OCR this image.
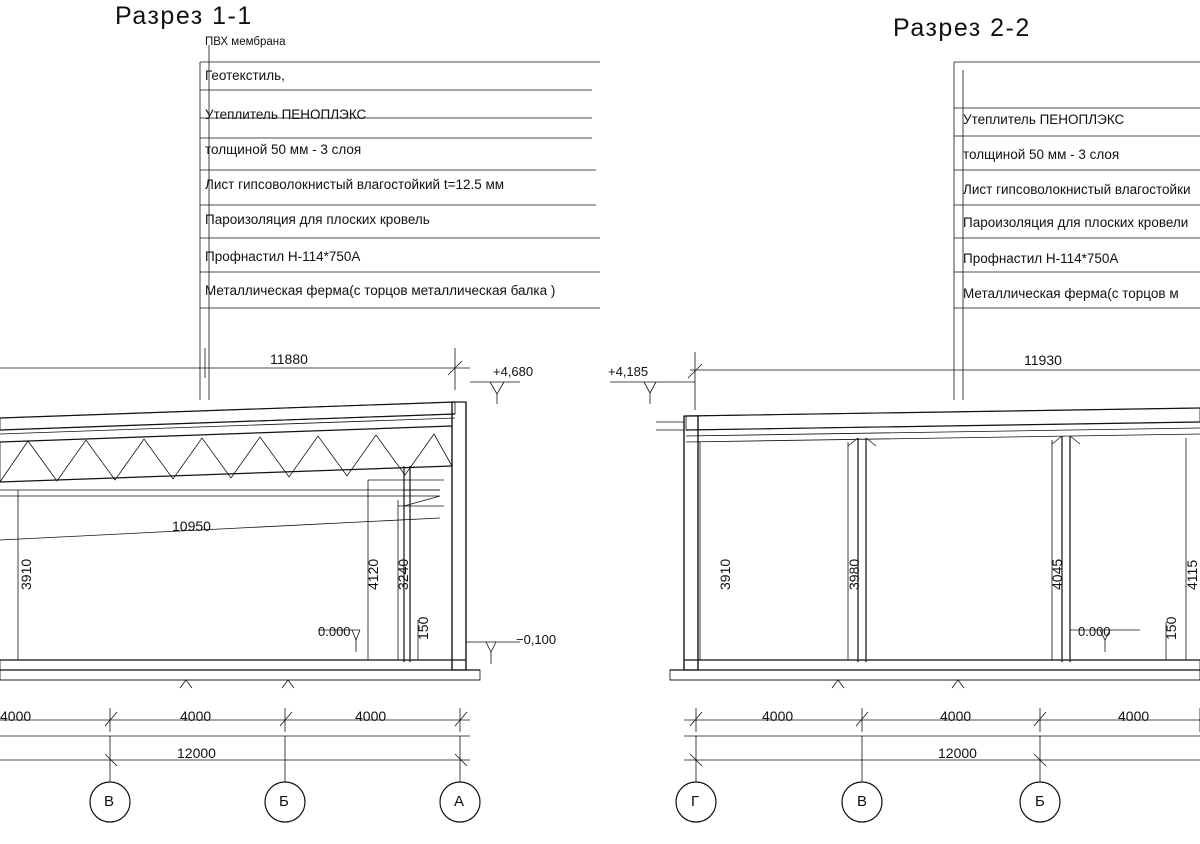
Разрез 1-1
ПВХ мембрана
Геотекстиль,
Утеплитель ПЕНОПЛЭКС
толщиной 50 мм - 3 слоя
Лист гипсоволокнистый влагостойкий t=12.5 мм
Пароизоляция для плоских кровель
Профнастил Н-114*750А
Металлическая ферма(с торцов металлическая балка )
11880
+4,680
10950
3910	4120 3240
150
0.000
−0,100
4000	4000	4000
12000
В	Б	А
Разрез 2-2
Утеплитель ПЕНОПЛЭКС
толщиной 50 мм - 3 слоя
Лист гипсоволокнистый влагостойки
Пароизоляция для плоских кровели
Профнастил Н-114*750А
Металлическая ферма(с торцов м
11930
+4,185
3910	3980	4045	4115
150
0.000
4000	4000	4000
12000
Г	В	Б
